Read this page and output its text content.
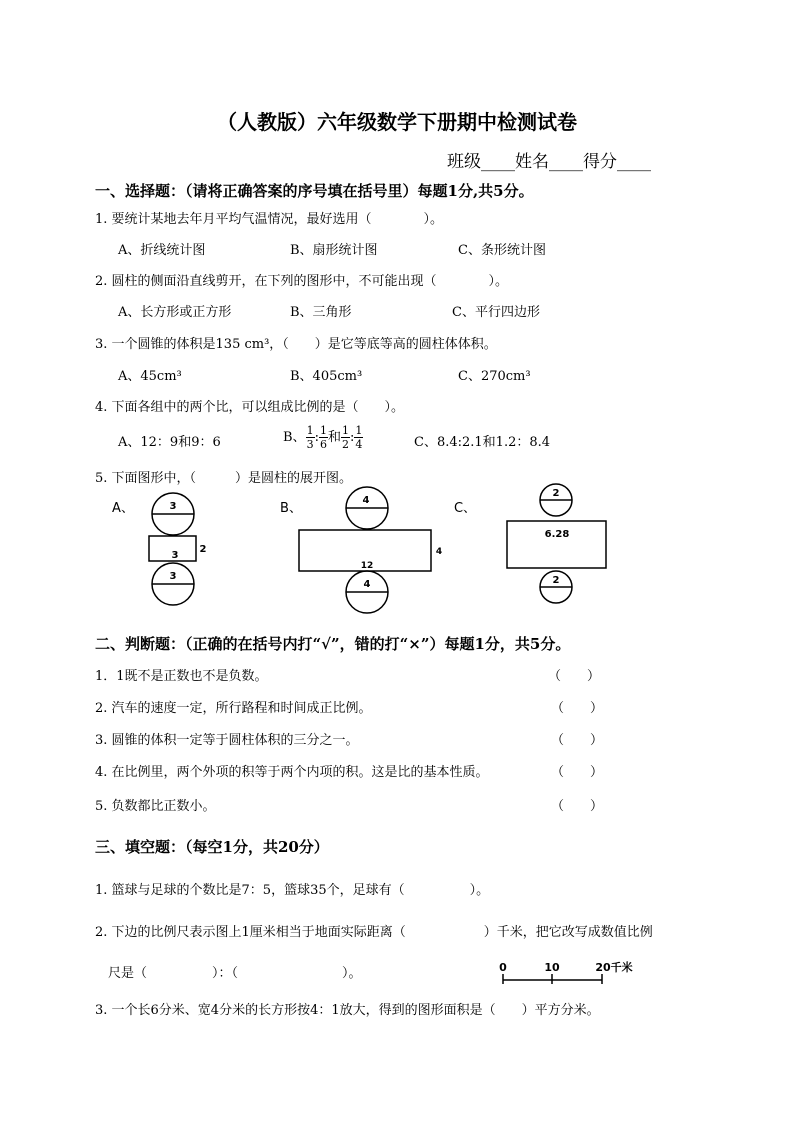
（人教版）六年级数学下册期中检测试卷
班级____姓名____得分____
一、选择题：（请将正确答案的序号填在括号里）每题1分,共5分。
1. 要统计某地去年月平均气温情况，最好选用（　　　　）。
A、折线统计图	B、扇形统计图	C、条形统计图
2. 圆柱的侧面沿直线剪开，在下列的图形中，不可能出现（　　　　）。
A、长方形或正方形	B、三角形	C、平行四边形
3. 一个圆锥的体积是135 cm³，（　　）是它等底等高的圆柱体体积。
A、45cm³	B、405cm³	C、270cm³
4. 下面各组中的两个比，可以组成比例的是（　　）。
A、12：9和9：6	B、 $\frac{1}{3}$ : $\frac{1}{6}$ 和 $\frac{1}{2}$ : $\frac{1}{4}$	C、8.4:2.1和1.2：8.4
5. 下面图形中，（　　　）是圆柱的展开图。
A、	3
3
2
3
B、
4
12
4
4
C、
2
6.28
2
二、判断题：（正确的在括号内打“√”，错的打“×”）每题1分，共5分。
1．1既不是正数也不是负数。	（　　）
2. 汽车的速度一定，所行路程和时间成正比例。	（　　）
3. 圆锥的体积一定等于圆柱体积的三分之一。	（　　）
4. 在比例里，两个外项的积等于两个内项的积。这是比的基本性质。	（　　）
5. 负数都比正数小。	（　　）
三、填空题：（每空1分，共20分）
1. 篮球与足球的个数比是7：5，篮球35个，足球有（　　　　　）。
2. 下边的比例尺表示图上1厘米相当于地面实际距离（　　　　　　）千米，把它改写成数值比例
尺是（　　　　　）：（　　　　　　　　）。	0	10	20千米
3. 一个长6分米、宽4分米的长方形按4：1放大，得到的图形面积是（　　）平方分米。
